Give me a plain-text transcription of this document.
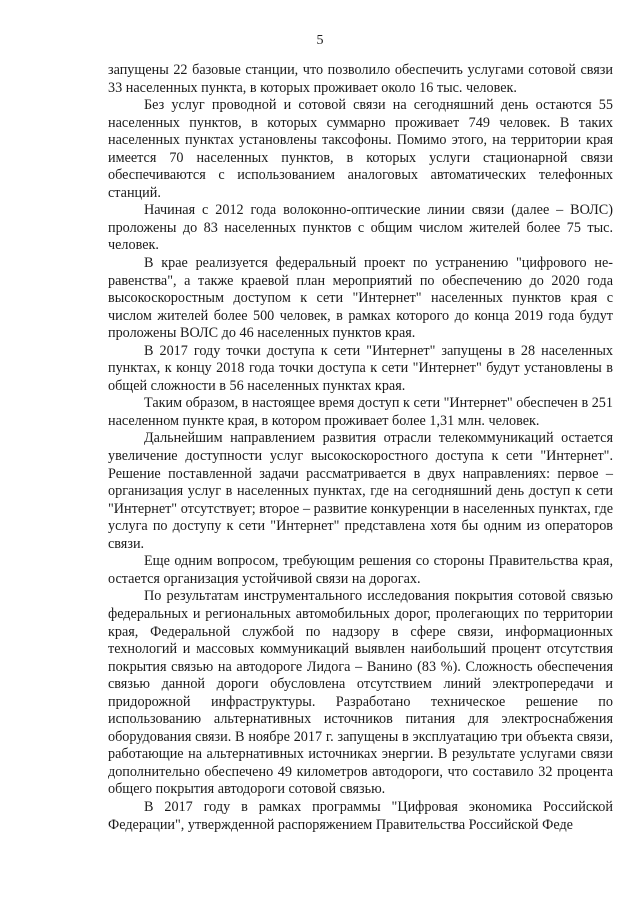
5

запущены 22 базовые станции, что позволило обеспечить услугами сотовой связи 33 населенных пункта, в которых проживает около 16 тыс. человек.

Без услуг проводной и сотовой связи на сегодняшний день остаются 55 населенных пунктов, в которых суммарно проживает 749 человек. В таких населенных пунктах установлены таксофоны. Помимо этого, на территории края имеется 70 населенных пунктов, в которых услуги стационарной связи обеспечиваются с использованием аналоговых автоматических телефонных станций.

Начиная с 2012 года волоконно-оптические линии связи (далее – ВОЛС) проложены до 83 населенных пунктов с общим числом жителей более 75 тыс. человек.

В крае реализуется федеральный проект по устранению "цифрового неравенства", а также краевой план мероприятий по обеспечению до 2020 года высокоскоростным доступом к сети "Интернет" населенных пунктов края с числом жителей более 500 человек, в рамках которого до конца 2019 года будут проложены ВОЛС до 46 населенных пунктов края.

В 2017 году точки доступа к сети "Интернет" запущены в 28 населенных пунктах, к концу 2018 года точки доступа к сети "Интернет" будут установлены в общей сложности в 56 населенных пунктах края.

Таким образом, в настоящее время доступ к сети "Интернет" обеспечен в 251 населенном пункте края, в котором проживает более 1,31 млн. человек.

Дальнейшим направлением развития отрасли телекоммуникаций остается увеличение доступности услуг высокоскоростного доступа к сети "Интернет". Решение поставленной задачи рассматривается в двух направлениях: первое – организация услуг в населенных пунктах, где на сегодняшний день доступ к сети "Интернет" отсутствует; второе – развитие конкуренции в населенных пунктах, где услуга по доступу к сети "Интернет" представлена хотя бы одним из операторов связи.

Еще одним вопросом, требующим решения со стороны Правительства края, остается организация устойчивой связи на дорогах.

По результатам инструментального исследования покрытия сотовой связью федеральных и региональных автомобильных дорог, пролегающих по территории края, Федеральной службой по надзору в сфере связи, информационных технологий и массовых коммуникаций выявлен наибольший процент отсутствия покрытия связью на автодороге Лидога – Ванино (83 %). Сложность обеспечения связью данной дороги обусловлена отсутствием линий электропередачи и придорожной инфраструктуры. Разработано техническое решение по использованию альтернативных источников питания для электроснабжения оборудования связи. В ноябре 2017 г. запущены в эксплуатацию три объекта связи, работающие на альтернативных источниках энергии. В результате услугами связи дополнительно обеспечено 49 километров автодороги, что составило 32 процента общего покрытия автодороги сотовой связью.

В 2017 году в рамках программы "Цифровая экономика Российской Федерации", утвержденной распоряжением Правительства Российской Феде
